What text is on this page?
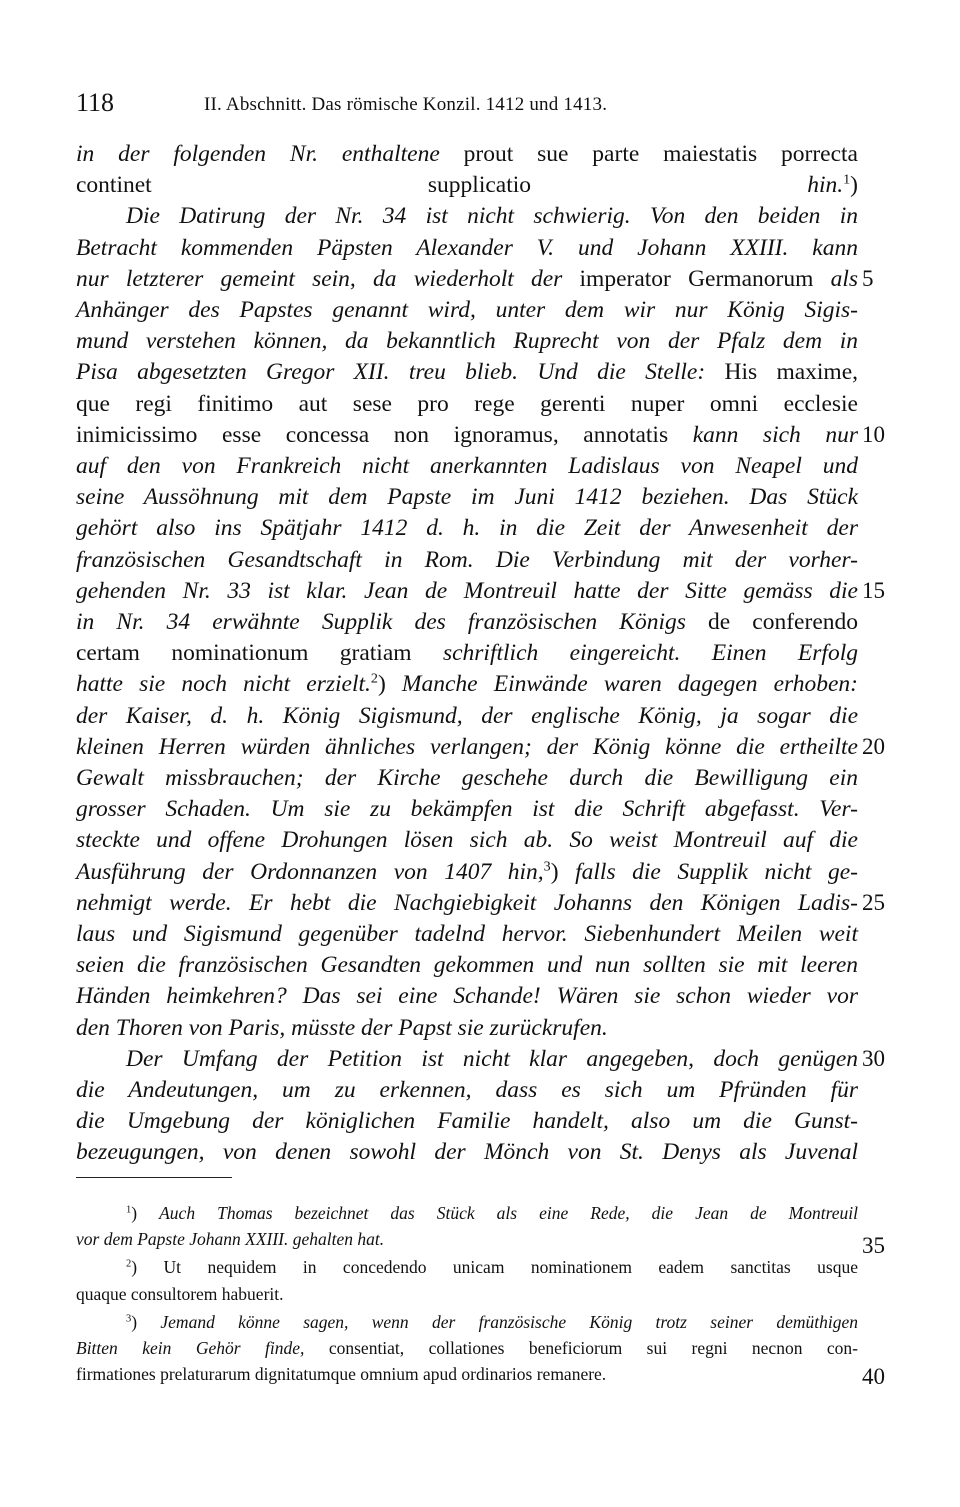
118	II. Abschnitt. Das römische Konzil. 1412 und 1413.
in der folgenden Nr. enthaltene prout sue parte maiestatis porrecta
continet supplicatio hin.$^1$)
Die Datirung der Nr. 34 ist nicht schwierig. Von den beiden in
Betracht kommenden Päpsten Alexander V. und Johann XXIII. kann
nur letzterer gemeint sein, da wiederholt der imperator Germanorum als
Anhänger des Papstes genannt wird, unter dem wir nur König Sigis-
mund verstehen können, da bekanntlich Ruprecht von der Pfalz dem in
Pisa abgesetzten Gregor XII. treu blieb. Und die Stelle: His maxime,
que regi finitimo aut sese pro rege gerenti nuper omni ecclesie
inimicissimo esse concessa non ignoramus, annotatis kann sich nur
auf den von Frankreich nicht anerkannten Ladislaus von Neapel und
seine Aussöhnung mit dem Papste im Juni 1412 beziehen. Das Stück
gehört also ins Spätjahr 1412 d. h. in die Zeit der Anwesenheit der
französischen Gesandtschaft in Rom. Die Verbindung mit der vorher-
gehenden Nr. 33 ist klar. Jean de Montreuil hatte der Sitte gemäss die
in Nr. 34 erwähnte Supplik des französischen Königs de conferendo
certam nominationum gratiam schriftlich eingereicht. Einen Erfolg
hatte sie noch nicht erzielt.$^2$) Manche Einwände waren dagegen erhoben:
der Kaiser, d. h. König Sigismund, der englische König, ja sogar die
kleinen Herren würden ähnliches verlangen; der König könne die ertheilte
Gewalt missbrauchen; der Kirche geschehe durch die Bewilligung ein
grosser Schaden. Um sie zu bekämpfen ist die Schrift abgefasst. Ver-
steckte und offene Drohungen lösen sich ab. So weist Montreuil auf die
Ausführung der Ordonnanzen von 1407 hin,$^3$) falls die Supplik nicht ge-
nehmigt werde. Er hebt die Nachgiebigkeit Johanns den Königen Ladis-
laus und Sigismund gegenüber tadelnd hervor. Siebenhundert Meilen weit
seien die französischen Gesandten gekommen und nun sollten sie mit leeren
Händen heimkehren? Das sei eine Schande! Wären sie schon wieder vor
den Thoren von Paris, müsste der Papst sie zurückrufen.
Der Umfang der Petition ist nicht klar angegeben, doch genügen
die Andeutungen, um zu erkennen, dass es sich um Pfründen für
die Umgebung der königlichen Familie handelt, also um die Gunst-
bezeugungen, von denen sowohl der Mönch von St. Denys als Juvenal
5
10
15
20
25
30
$^1$) Auch Thomas bezeichnet das Stück als eine Rede, die Jean de Montreuil
vor dem Papste Johann XXIII. gehalten hat.
$^2$) Ut nequidem in concedendo unicam nominationem eadem sanctitas usque
quaque consultorem habuerit.
$^3$) Jemand könne sagen, wenn der französische König trotz seiner demüthigen
Bitten kein Gehör finde, consentiat, collationes beneficiorum sui regni necnon con-
firmationes prelaturarum dignitatumque omnium apud ordinarios remanere.
35
40
